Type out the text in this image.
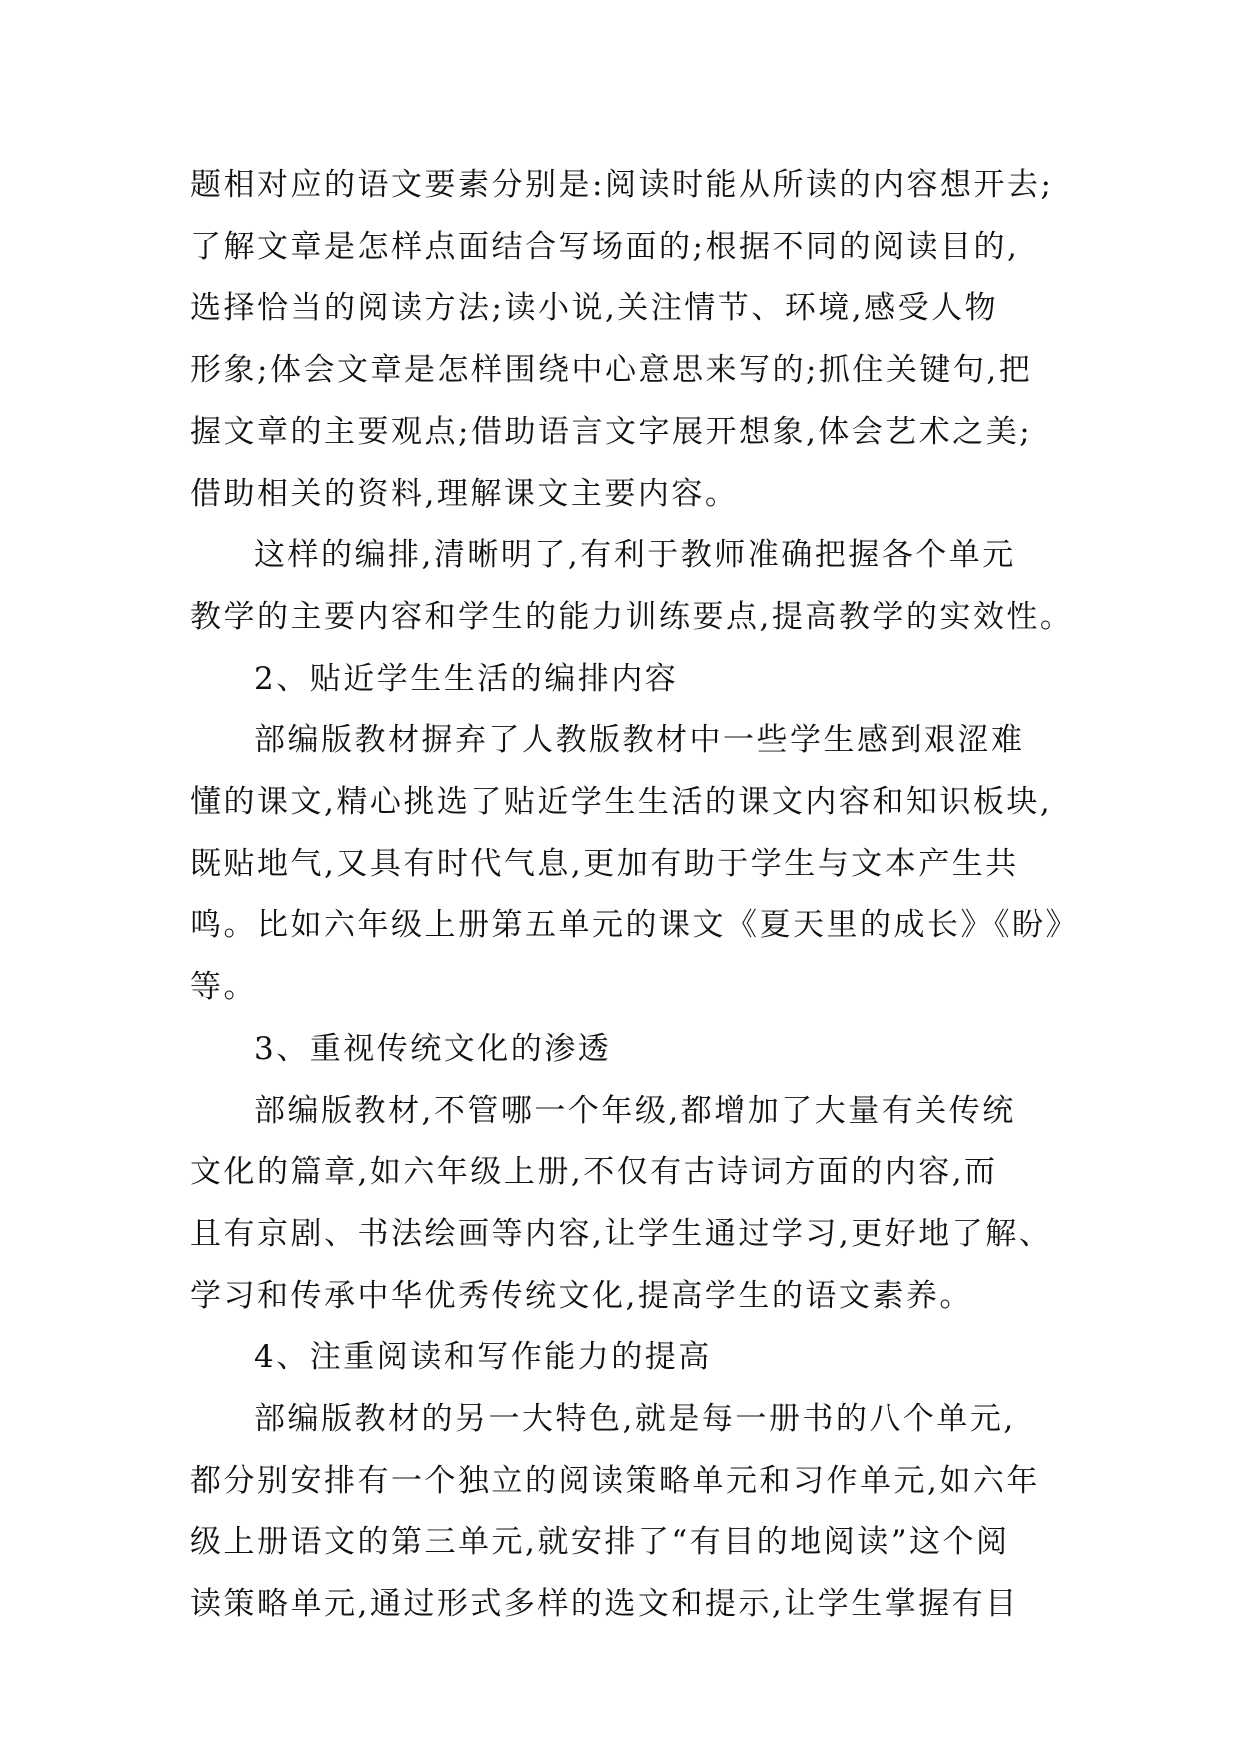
题相对应的语文要素分别是:阅读时能从所读的内容想开去;
了解文章是怎样点面结合写场面的;根据不同的阅读目的,
选择恰当的阅读方法;读小说,关注情节、环境,感受人物
形象;体会文章是怎样围绕中心意思来写的;抓住关键句,把
握文章的主要观点;借助语言文字展开想象,体会艺术之美;
借助相关的资料,理解课文主要内容。
这样的编排,清晰明了,有利于教师准确把握各个单元
教学的主要内容和学生的能力训练要点,提高教学的实效性。
2、贴近学生生活的编排内容
部编版教材摒弃了人教版教材中一些学生感到艰涩难
懂的课文,精心挑选了贴近学生生活的课文内容和知识板块,
既贴地气,又具有时代气息,更加有助于学生与文本产生共
鸣。比如六年级上册第五单元的课文《夏天里的成长》《盼》
等。
3、重视传统文化的渗透
部编版教材,不管哪一个年级,都增加了大量有关传统
文化的篇章,如六年级上册,不仅有古诗词方面的内容,而
且有京剧、书法绘画等内容,让学生通过学习,更好地了解、
学习和传承中华优秀传统文化,提高学生的语文素养。
4、注重阅读和写作能力的提高
部编版教材的另一大特色,就是每一册书的八个单元,
都分别安排有一个独立的阅读策略单元和习作单元,如六年
级上册语文的第三单元,就安排了“有目的地阅读”这个阅
读策略单元,通过形式多样的选文和提示,让学生掌握有目
